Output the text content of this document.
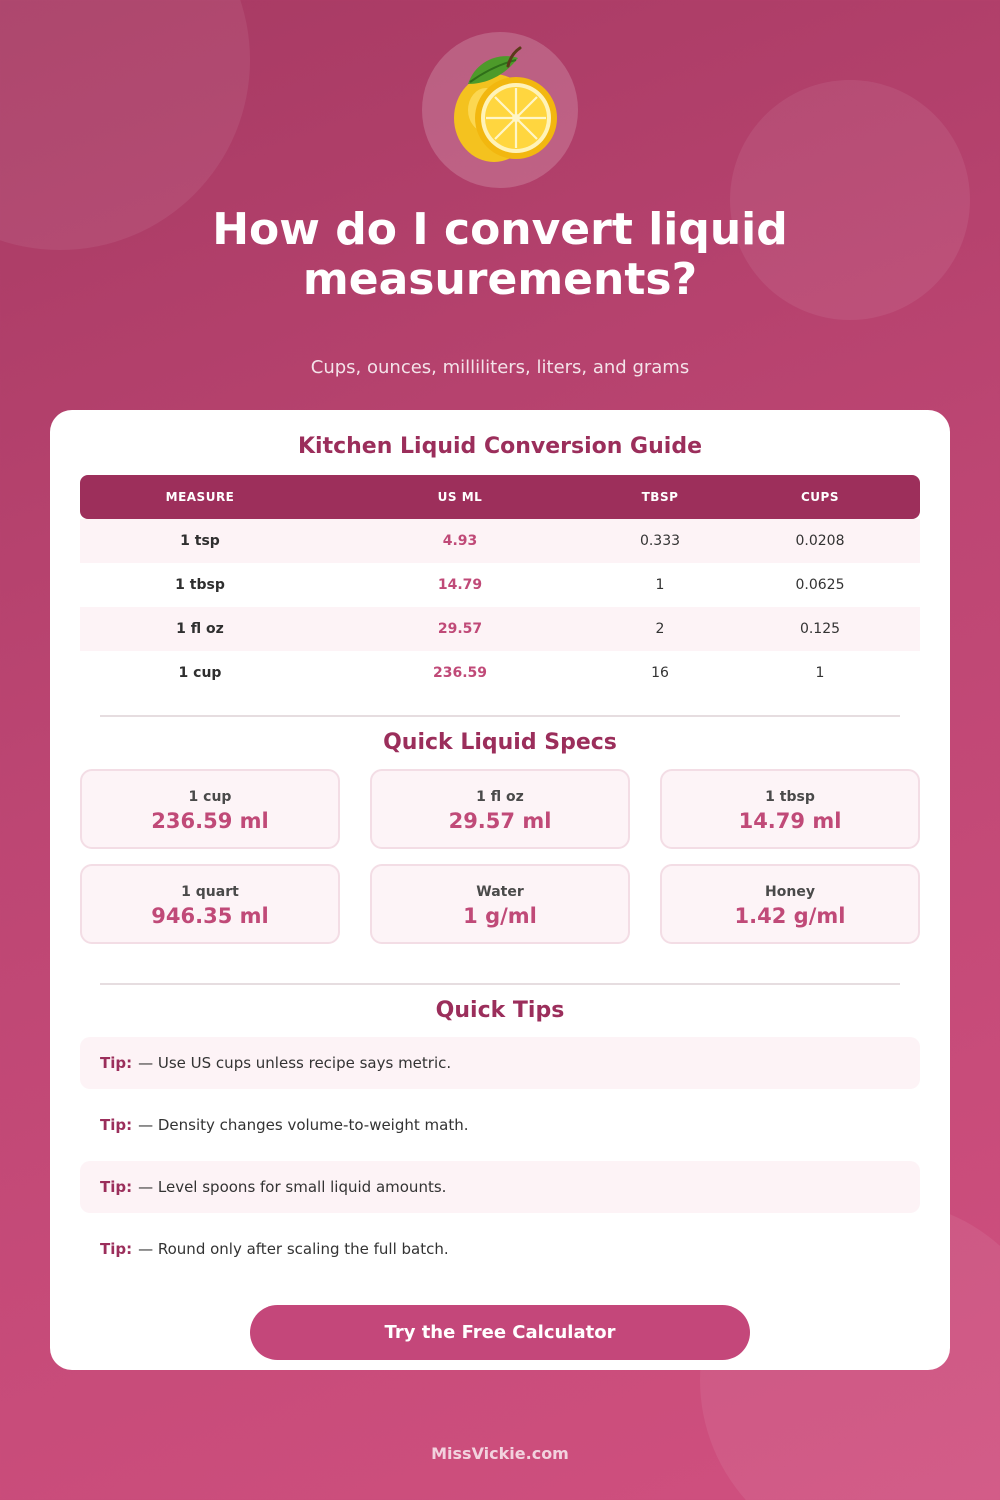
How do I convert liquid measurements?
Cups, ounces, milliliters, liters, and grams
Kitchen Liquid Conversion Guide
MEASURE	US ML	TBSP	CUPS
1 tsp	4.93	0.333	0.0208
1 tbsp	14.79	1	0.0625
1 fl oz	29.57	2	0.125
1 cup	236.59	16	1
Quick Liquid Specs
1 cup
236.59 ml
1 fl oz
29.57 ml
1 tbsp
14.79 ml
1 quart
946.35 ml
Water
1 g/ml
Honey
1.42 g/ml
Quick Tips
Tip: — Use US cups unless recipe says metric.
Tip: — Density changes volume-to-weight math.
Tip: — Level spoons for small liquid amounts.
Tip: — Round only after scaling the full batch.
Try the Free Calculator
MissVickie.com
